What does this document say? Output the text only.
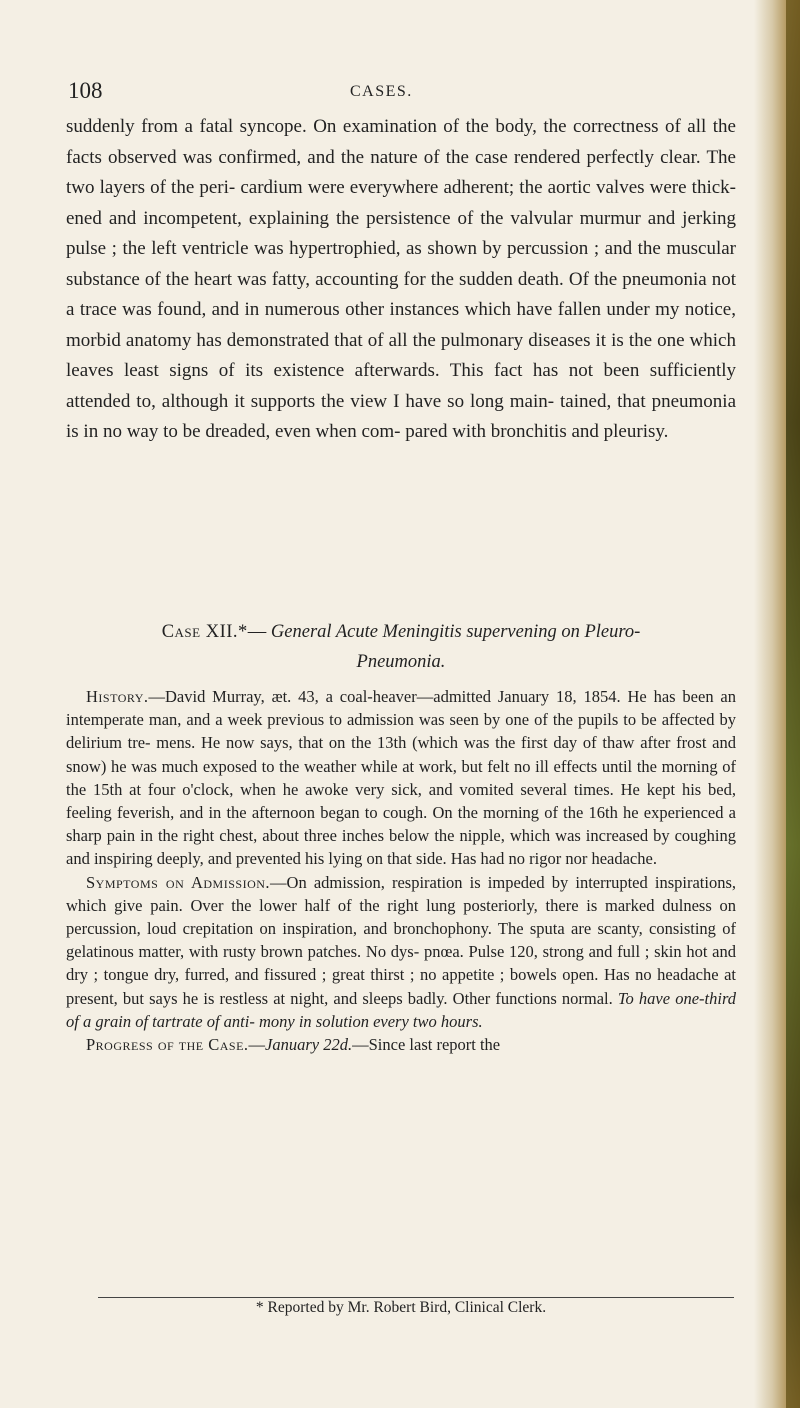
108	CASES.
suddenly from a fatal syncope. On examination of the body, the correctness of all the facts observed was confirmed, and the nature of the case rendered perfectly clear. The two layers of the peri- cardium were everywhere adherent; the aortic valves were thick- ened and incompetent, explaining the persistence of the valvular murmur and jerking pulse ; the left ventricle was hypertrophied, as shown by percussion ; and the muscular substance of the heart was fatty, accounting for the sudden death. Of the pneumonia not a trace was found, and in numerous other instances which have fallen under my notice, morbid anatomy has demonstrated that of all the pulmonary diseases it is the one which leaves least signs of its existence afterwards. This fact has not been sufficiently attended to, although it supports the view I have so long main- tained, that pneumonia is in no way to be dreaded, even when com- pared with bronchitis and pleurisy.
Case XII.*— General Acute Meningitis supervening on Pleuro-
Pneumonia.

History.—David Murray, æt. 43, a coal-heaver—admitted January 18, 1854. He has been an intemperate man, and a week previous to admission was seen by one of the pupils to be affected by delirium tre- mens. He now says, that on the 13th (which was the first day of thaw after frost and snow) he was much exposed to the weather while at work, but felt no ill effects until the morning of the 15th at four o'clock, when he awoke very sick, and vomited several times. He kept his bed, feeling feverish, and in the afternoon began to cough. On the morning of the 16th he experienced a sharp pain in the right chest, about three inches below the nipple, which was increased by coughing and inspiring deeply, and prevented his lying on that side. Has had no rigor nor headache.

Symptoms on Admission.—On admission, respiration is impeded by interrupted inspirations, which give pain. Over the lower half of the right lung posteriorly, there is marked dulness on percussion, loud crepitation on inspiration, and bronchophony. The sputa are scanty, consisting of gelatinous matter, with rusty brown patches. No dys- pnœa. Pulse 120, strong and full ; skin hot and dry ; tongue dry, furred, and fissured ; great thirst ; no appetite ; bowels open. Has no headache at present, but says he is restless at night, and sleeps badly. Other functions normal. To have one-third of a grain of tartrate of anti- mony in solution every two hours.

Progress of the Case.—January 22d.—Since last report the

* Reported by Mr. Robert Bird, Clinical Clerk.
